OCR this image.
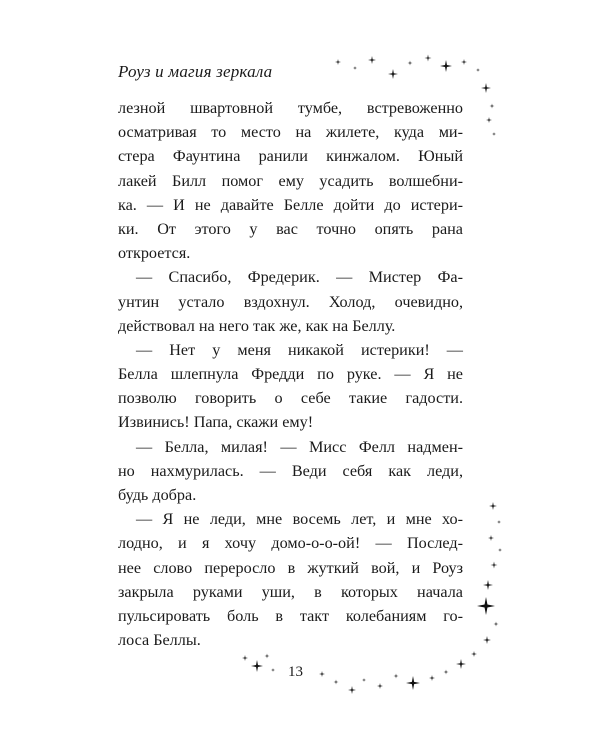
Роуз и магия зеркала
лезной швартовной тумбе, встревоженно
осматривая то место на жилете, куда ми-
стера Фаунтина ранили кинжалом. Юный
лакей Билл помог ему усадить волшебни-
ка. — И не давайте Белле дойти до истери-
ки. От этого у вас точно опять рана
откроется.
— Спасибо, Фредерик. — Мистер Фа-
унтин устало вздохнул. Холод, очевидно,
действовал на него так же, как на Беллу.
— Нет у меня никакой истерики! —
Белла шлепнула Фредди по руке. — Я не
позволю говорить о себе такие гадости.
Извинись! Папа, скажи ему!
— Белла, милая! — Мисс Фелл надмен-
но нахмурилась. — Веди себя как леди,
будь добра.
— Я не леди, мне восемь лет, и мне хо-
лодно, и я хочу домо-о-о-ой! — Послед-
нее слово переросло в жуткий вой, и Роуз
закрыла руками уши, в которых начала
пульсировать боль в такт колебаниям го-
лоса Беллы.
13
